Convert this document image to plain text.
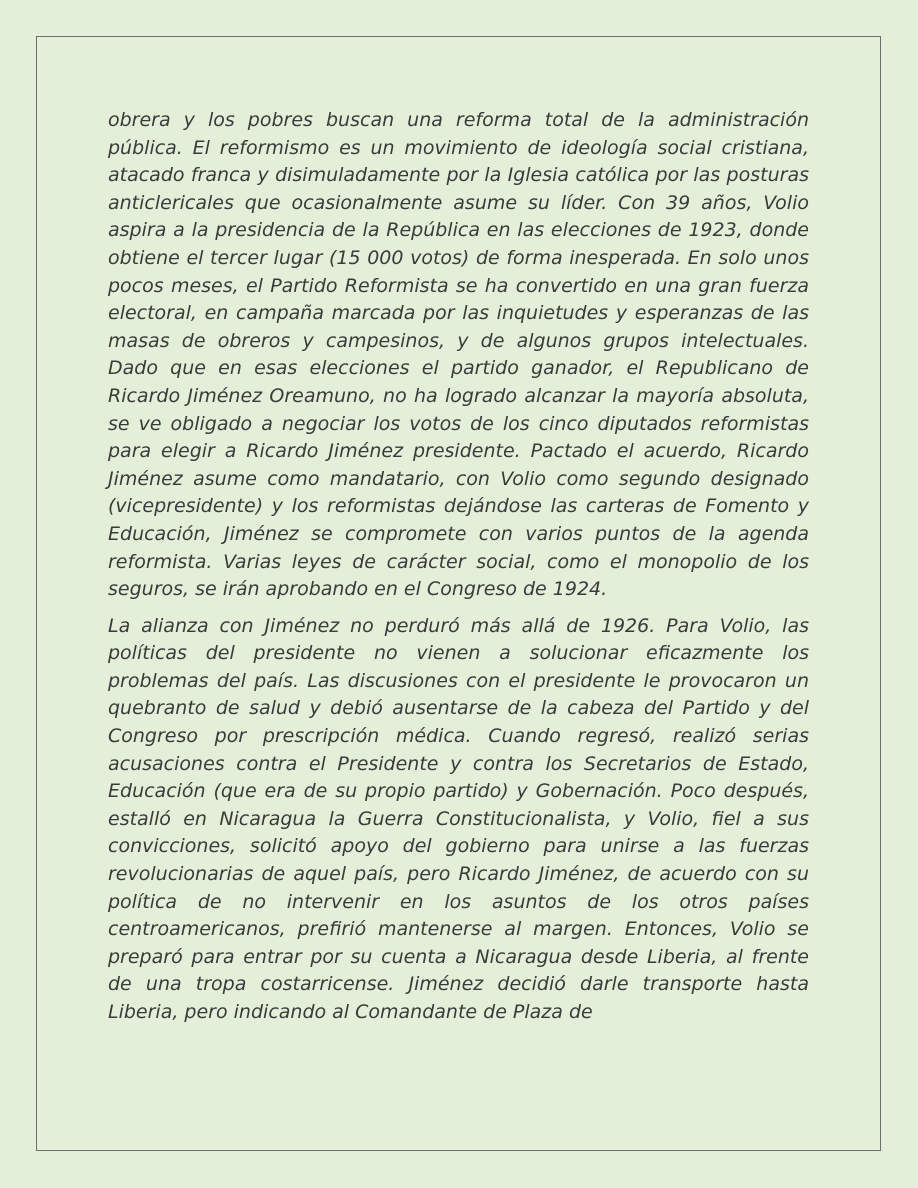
obrera y los pobres buscan una reforma total de la administración pública. El reformismo es un movimiento de ideología social cristiana, atacado franca y disimuladamente por la Iglesia católica por las posturas anticlericales que ocasionalmente asume su líder. Con 39 años, Volio aspira a la presidencia de la República en las elecciones de 1923, donde obtiene el tercer lugar (15 000 votos) de forma inesperada. En solo unos pocos meses, el Partido Reformista se ha convertido en una gran fuerza electoral, en campaña marcada por las inquietudes y esperanzas de las masas de obreros y campesinos, y de algunos grupos intelectuales. Dado que en esas elecciones el partido ganador, el Republicano de Ricardo Jiménez Oreamuno, no ha logrado alcanzar la mayoría absoluta, se ve obligado a negociar los votos de los cinco diputados reformistas para elegir a Ricardo Jiménez presidente. Pactado el acuerdo, Ricardo Jiménez asume como mandatario, con Volio como segundo designado (vicepresidente) y los reformistas dejándose las carteras de Fomento y Educación, Jiménez se compromete con varios puntos de la agenda reformista. Varias leyes de carácter social, como el monopolio de los seguros, se irán aprobando en el Congreso de 1924.

La alianza con Jiménez no perduró más allá de 1926. Para Volio, las políticas del presidente no vienen a solucionar eficazmente los problemas del país. Las discusiones con el presidente le provocaron un quebranto de salud y debió ausentarse de la cabeza del Partido y del Congreso por prescripción médica. Cuando regresó, realizó serias acusaciones contra el Presidente y contra los Secretarios de Estado, Educación (que era de su propio partido) y Gobernación. Poco después, estalló en Nicaragua la Guerra Constitucionalista, y Volio, fiel a sus convicciones, solicitó apoyo del gobierno para unirse a las fuerzas revolucionarias de aquel país, pero Ricardo Jiménez, de acuerdo con su política de no intervenir en los asuntos de los otros países centroamericanos, prefirió mantenerse al margen. Entonces, Volio se preparó para entrar por su cuenta a Nicaragua desde Liberia, al frente de una tropa costarricense. Jiménez decidió darle transporte hasta Liberia, pero indicando al Comandante de Plaza de
